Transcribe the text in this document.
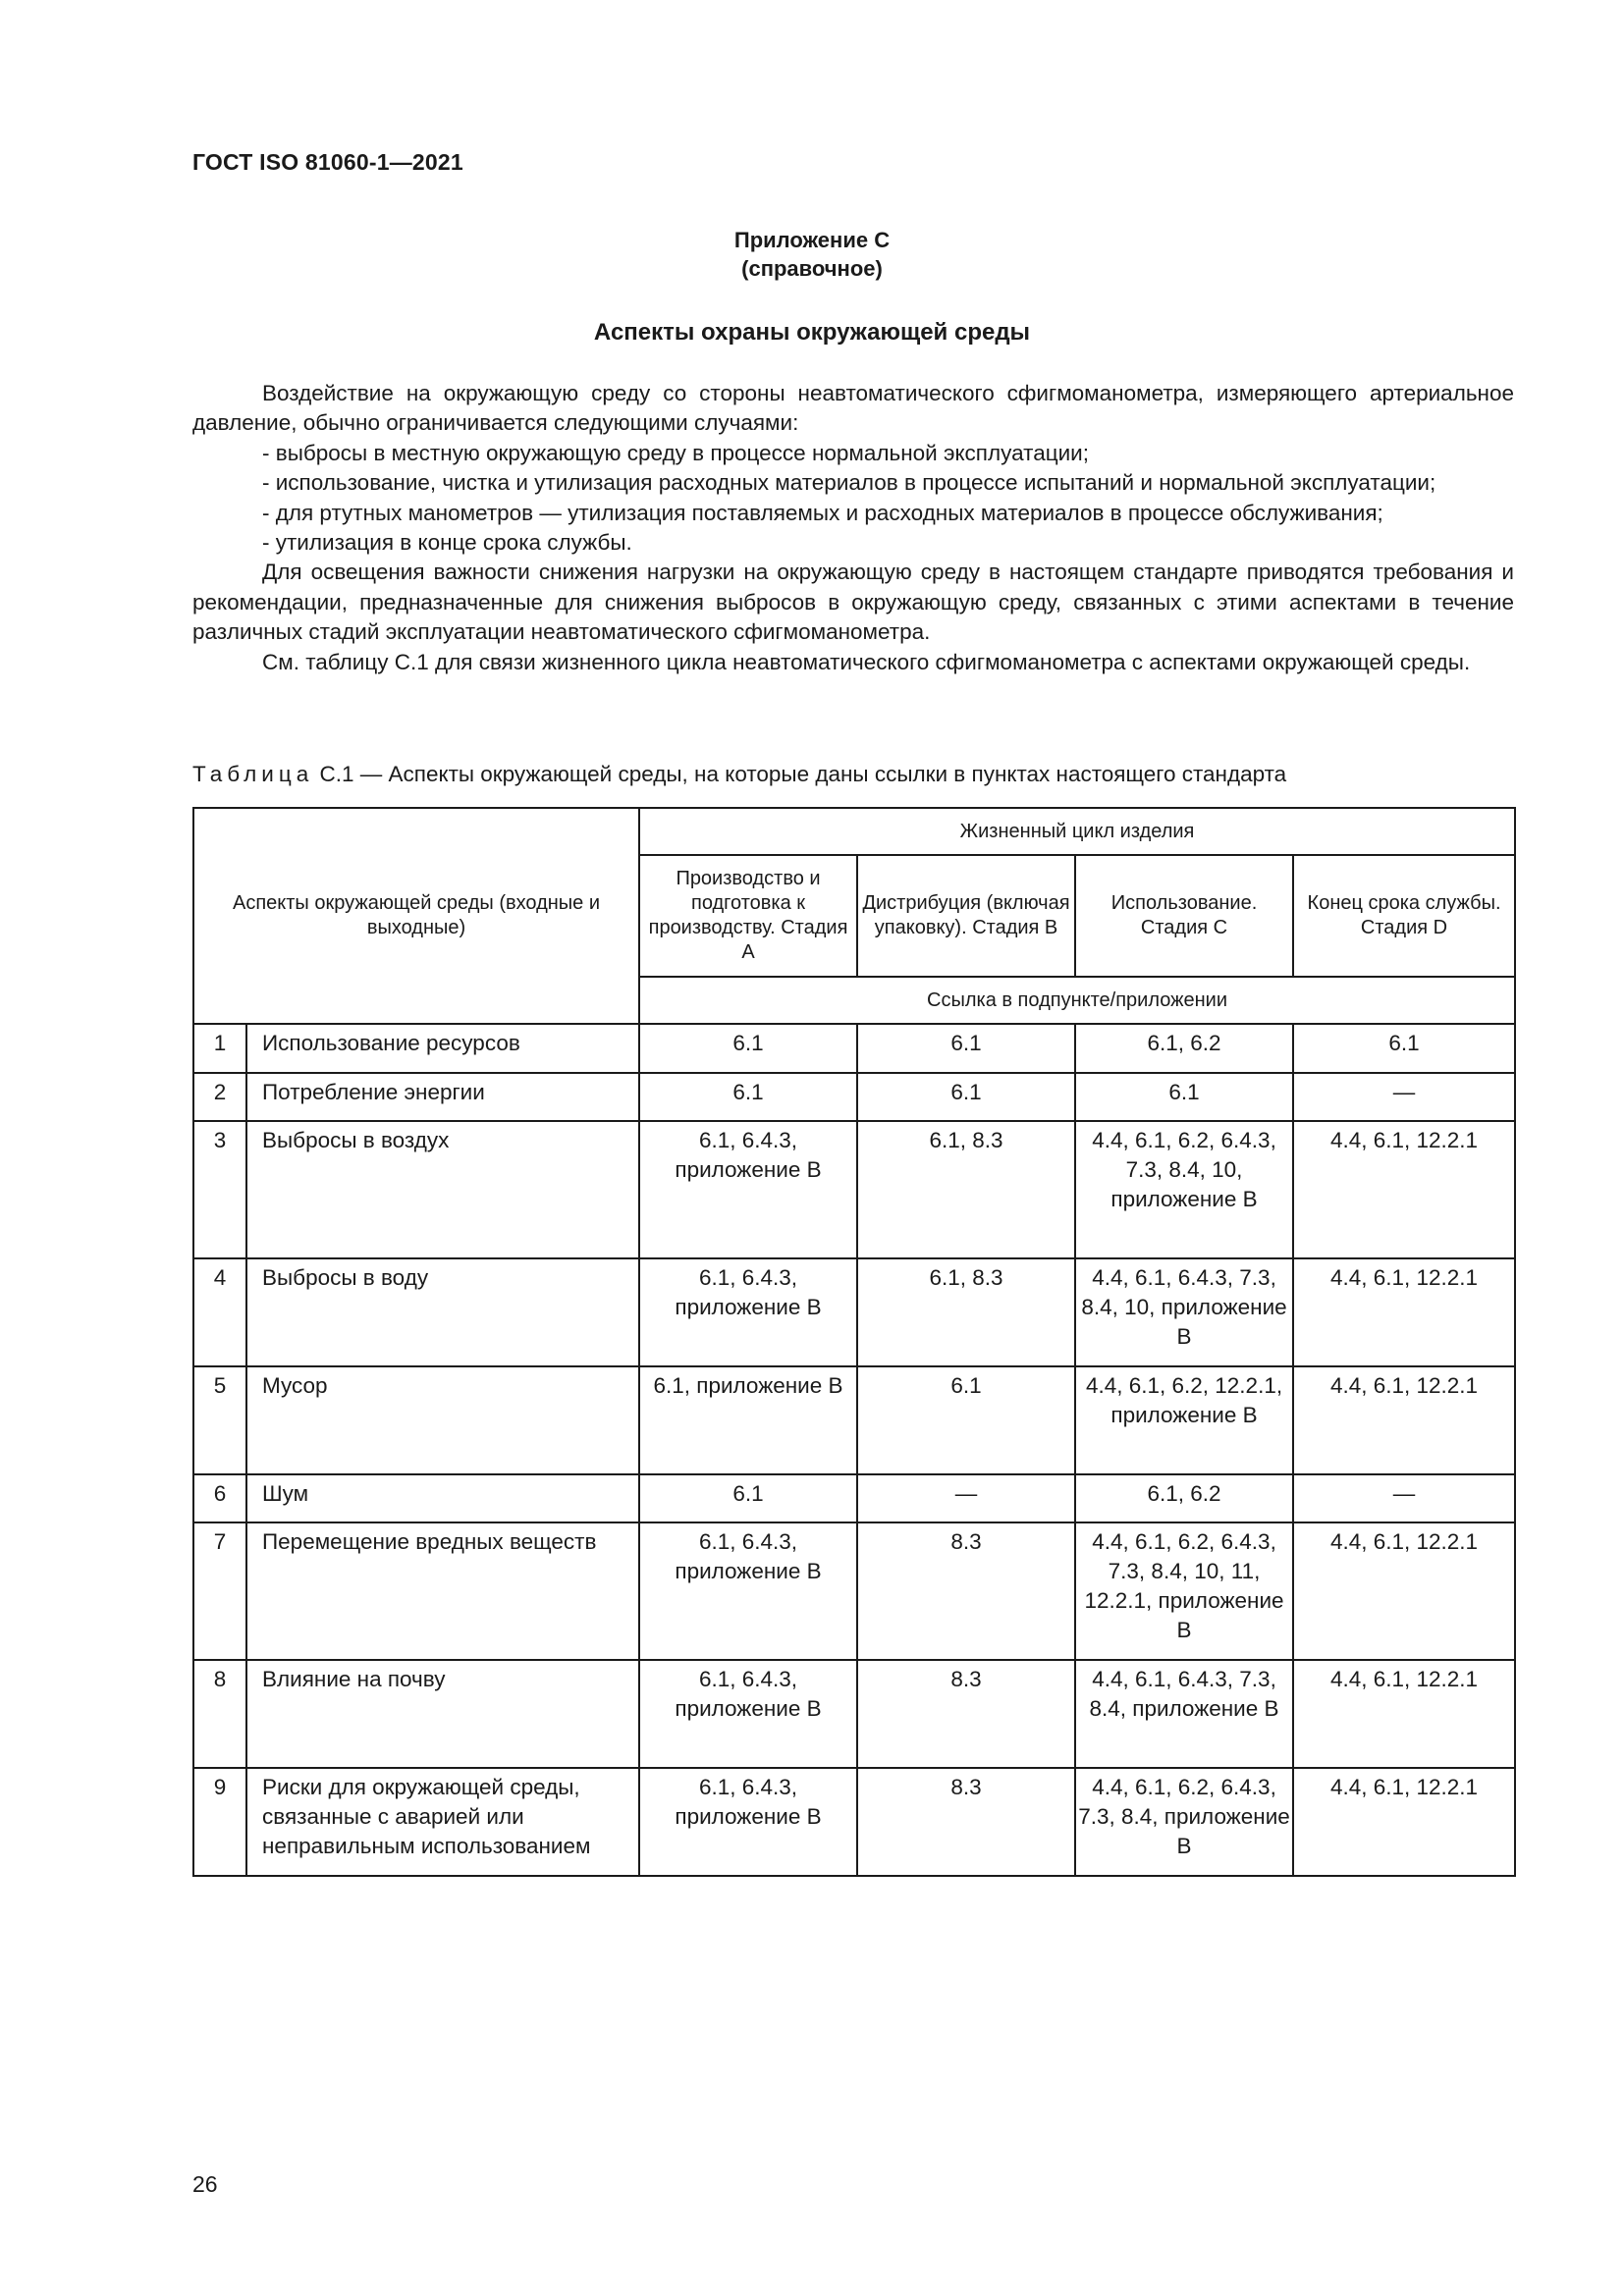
ГОСТ ISO 81060-1—2021
Приложение С
(справочное)
Аспекты охраны окружающей среды

Воздействие на окружающую среду со стороны неавтоматического сфигмоманометра, измеряющего артериальное давление, обычно ограничивается следующими случаями:

- выбросы в местную окружающую среду в процессе нормальной эксплуатации;

- использование, чистка и утилизация расходных материалов в процессе испытаний и нормальной эксплуатации;

- для ртутных манометров — утилизация поставляемых и расходных материалов в процессе обслуживания;

- утилизация в конце срока службы.

Для освещения важности снижения нагрузки на окружающую среду в настоящем стандарте приводятся требования и рекомендации, предназначенные для снижения выбросов в окружающую среду, связанных с этими аспектами в течение различных стадий эксплуатации неавтоматического сфигмоманометра.

См. таблицу С.1 для связи жизненного цикла неавтоматического сфигмоманометра с аспектами окружающей среды.

Таблица С.1 — Аспекты окружающей среды, на которые даны ссылки в пунктах настоящего стандарта
Аспекты окружающей среды (входные и выходные)		Жизненный цикл изделия			
		Производство и подготовка к производству. Стадия А	Дистрибуция (включая упаковку). Стадия В	Использование. Стадия С	Конец срока службы. Стадия D
		Ссылка в подпункте/приложении			
1	Использование ресурсов	6.1	6.1	6.1, 6.2	6.1
2	Потребление энергии	6.1	6.1	6.1	—
3	Выбросы в воздух	6.1, 6.4.3, приложение В	6.1, 8.3	4.4, 6.1, 6.2, 6.4.3, 7.3, 8.4, 10, приложение В	4.4, 6.1, 12.2.1
4	Выбросы в воду	6.1, 6.4.3, приложение В	6.1, 8.3	4.4, 6.1, 6.4.3, 7.3, 8.4, 10, приложение В	4.4, 6.1, 12.2.1
5	Мусор	6.1, приложение В	6.1	4.4, 6.1, 6.2, 12.2.1, приложение В	4.4, 6.1, 12.2.1
6	Шум	6.1	—	6.1, 6.2	—
7	Перемещение вредных веществ	6.1, 6.4.3, приложение В	8.3	4.4, 6.1, 6.2, 6.4.3, 7.3, 8.4, 10, 11, 12.2.1, приложение В	4.4, 6.1, 12.2.1
8	Влияние на почву	6.1, 6.4.3, приложение В	8.3	4.4, 6.1, 6.4.3, 7.3, 8.4, приложение В	4.4, 6.1, 12.2.1
9	Риски для окружающей среды, связанные с аварией или неправильным использованием	6.1, 6.4.3, приложение В	8.3	4.4, 6.1, 6.2, 6.4.3, 7.3, 8.4, приложение В	4.4, 6.1, 12.2.1
26
